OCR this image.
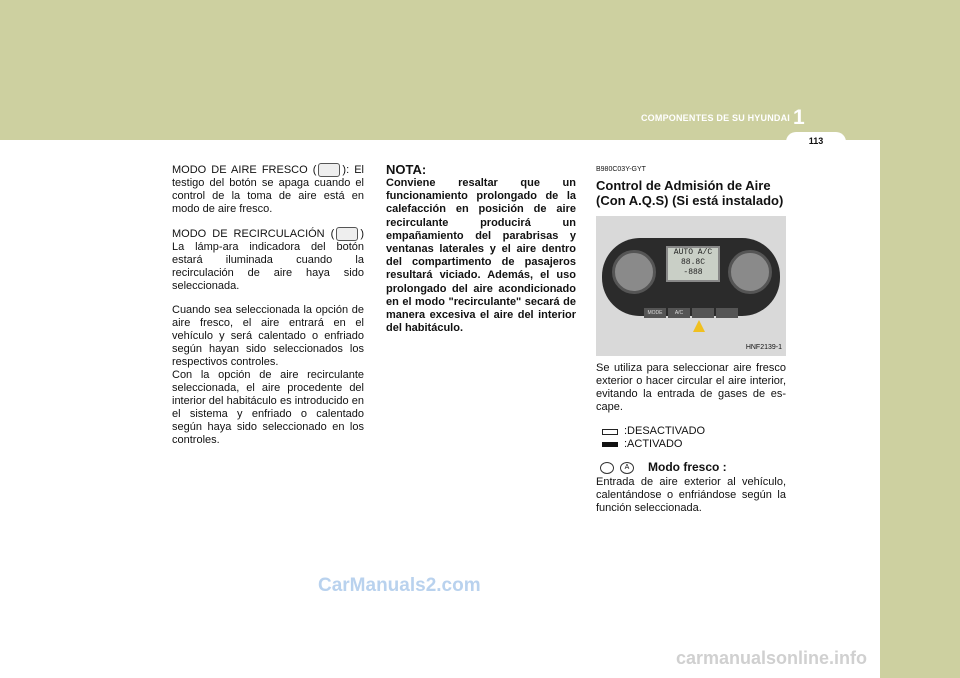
COMPONENTES DE SU HYUNDAI 1
113

MODO DE AIRE FRESCO ( ): El testigo del botón se apaga cuando el control de la toma de aire está en modo de aire fresco.

MODO DE RECIRCULACIÓN ( ) La lámp-ara indicadora del botón estará iluminada cuando la recirculación de aire haya sido seleccionada.

Cuando sea seleccionada la opción de aire fresco, el aire entrará en el vehículo y será calentado o enfriado según hayan sido seleccionados los respectivos controles.

Con la opción de aire recirculante seleccionada, el aire procedente del interior del habitáculo es introducido en el sistema y enfriado o calentado según haya sido seleccionado en los controles.

NOTA:
Conviene resaltar que un funcionamiento prolongado de la calefacción en posición de aire recirculante producirá un empañamiento del parabrisas y ventanas laterales y el aire dentro del compartimento de pasajeros resultará viciado. Además, el uso prolongado del aire acondicionado en el modo "recirculante" secará de manera excesiva el aire del interior del habitáculo.
B980C03Y-GYT
Control de Admisión de Aire (Con A.Q.S) (Si está instalado)
AUTO A/C
88.8C
-888
MODE	A/C
HNF2139-1

Se utiliza para seleccionar aire fresco exterior o hacer circular el aire interior, evitando la entrada de gases de es-cape.

:DESACTIVADO
:ACTIVADO
A	Modo fresco :

Entrada de aire exterior al vehículo, calentándose o enfriándose según la función seleccionada.

CarManuals2.com
carmanualsonline.info
